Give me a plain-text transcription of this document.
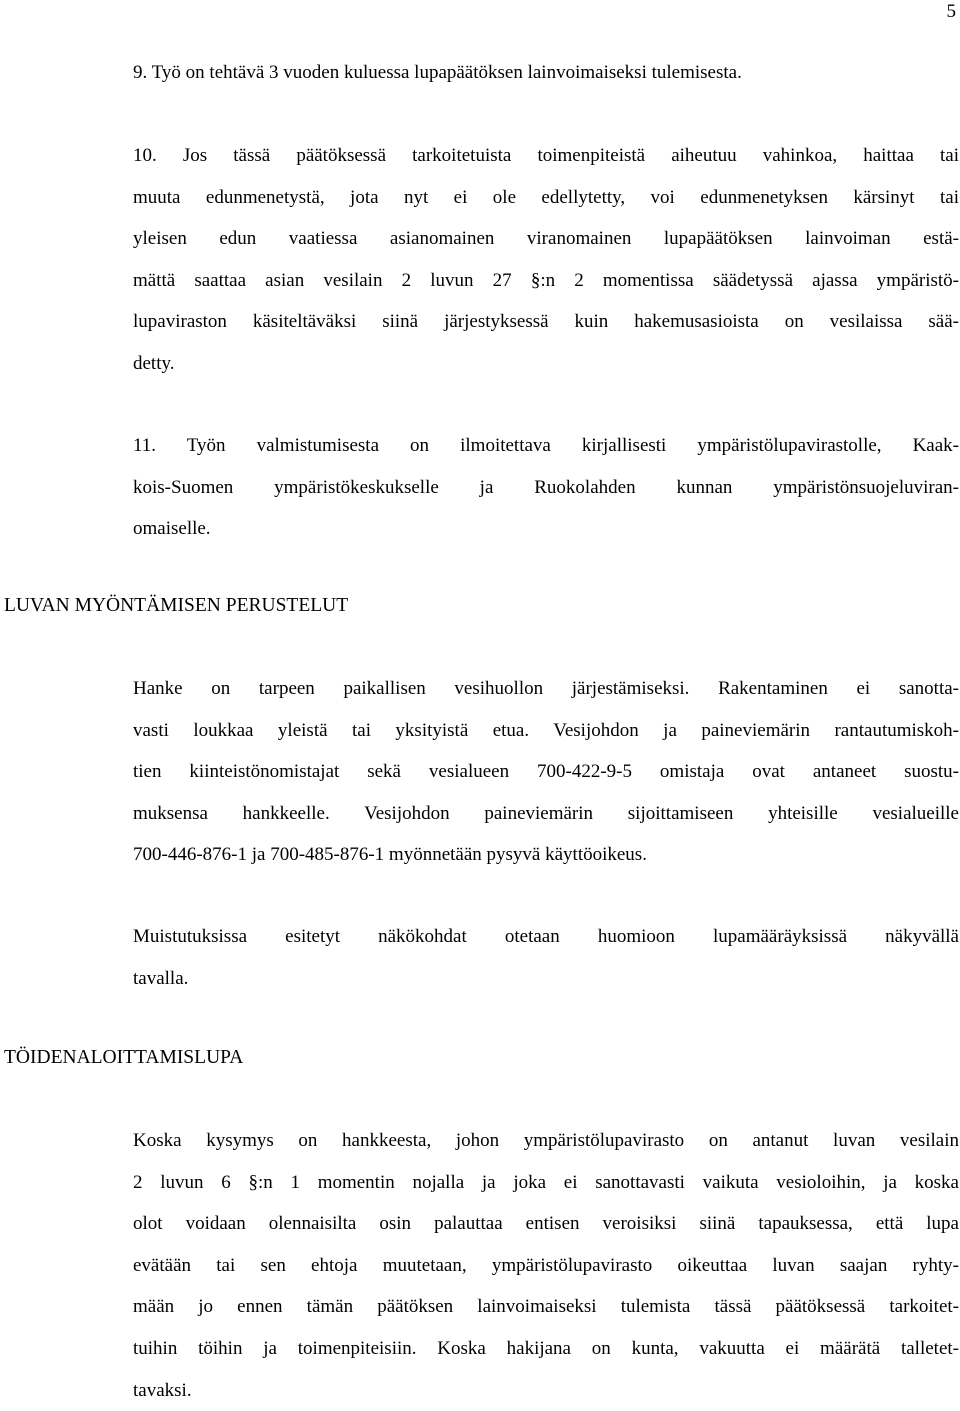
5
9. Työ on tehtävä 3 vuoden kuluessa lupapäätöksen lainvoimaiseksi tulemisesta.
10. Jos tässä päätöksessä tarkoitetuista toimenpiteistä aiheutuu vahinkoa, haittaa tai
muuta edunmenetystä, jota nyt ei ole edellytetty, voi edunmenetyksen kärsinyt tai
yleisen edun vaatiessa asianomainen viranomainen lupapäätöksen lainvoiman estä-
mättä saattaa asian vesilain 2 luvun 27 §:n 2 momentissa säädetyssä ajassa ympäristö-
lupaviraston käsiteltäväksi siinä järjestyksessä kuin hakemusasioista on vesilaissa sää-
detty.
11. Työn valmistumisesta on ilmoitettava kirjallisesti ympäristölupavirastolle, Kaak-
kois-Suomen ympäristökeskukselle ja Ruokolahden kunnan ympäristönsuojeluviran-
omaiselle.
LUVAN MYÖNTÄMISEN PERUSTELUT
Hanke on tarpeen paikallisen vesihuollon järjestämiseksi. Rakentaminen ei sanotta-
vasti loukkaa yleistä tai yksityistä etua. Vesijohdon ja paineviemärin rantautumiskoh-
tien kiinteistönomistajat sekä vesialueen 700-422-9-5 omistaja ovat antaneet suostu-
muksensa hankkeelle. Vesijohdon paineviemärin sijoittamiseen yhteisille vesialueille
700-446-876-1 ja 700-485-876-1 myönnetään pysyvä käyttöoikeus.
Muistutuksissa esitetyt näkökohdat otetaan huomioon lupamääräyksissä näkyvällä
tavalla.
TÖIDENALOITTAMISLUPA
Koska kysymys on hankkeesta, johon ympäristölupavirasto on antanut luvan vesilain
2 luvun 6 §:n 1 momentin nojalla ja joka ei sanottavasti vaikuta vesioloihin, ja koska
olot voidaan olennaisilta osin palauttaa entisen veroisiksi siinä tapauksessa, että lupa
evätään tai sen ehtoja muutetaan, ympäristölupavirasto oikeuttaa luvan saajan ryhty-
mään jo ennen tämän päätöksen lainvoimaiseksi tulemista tässä päätöksessä tarkoitet-
tuihin töihin ja toimenpiteisiin. Koska hakijana on kunta, vakuutta ei määrätä talletet-
tavaksi.
